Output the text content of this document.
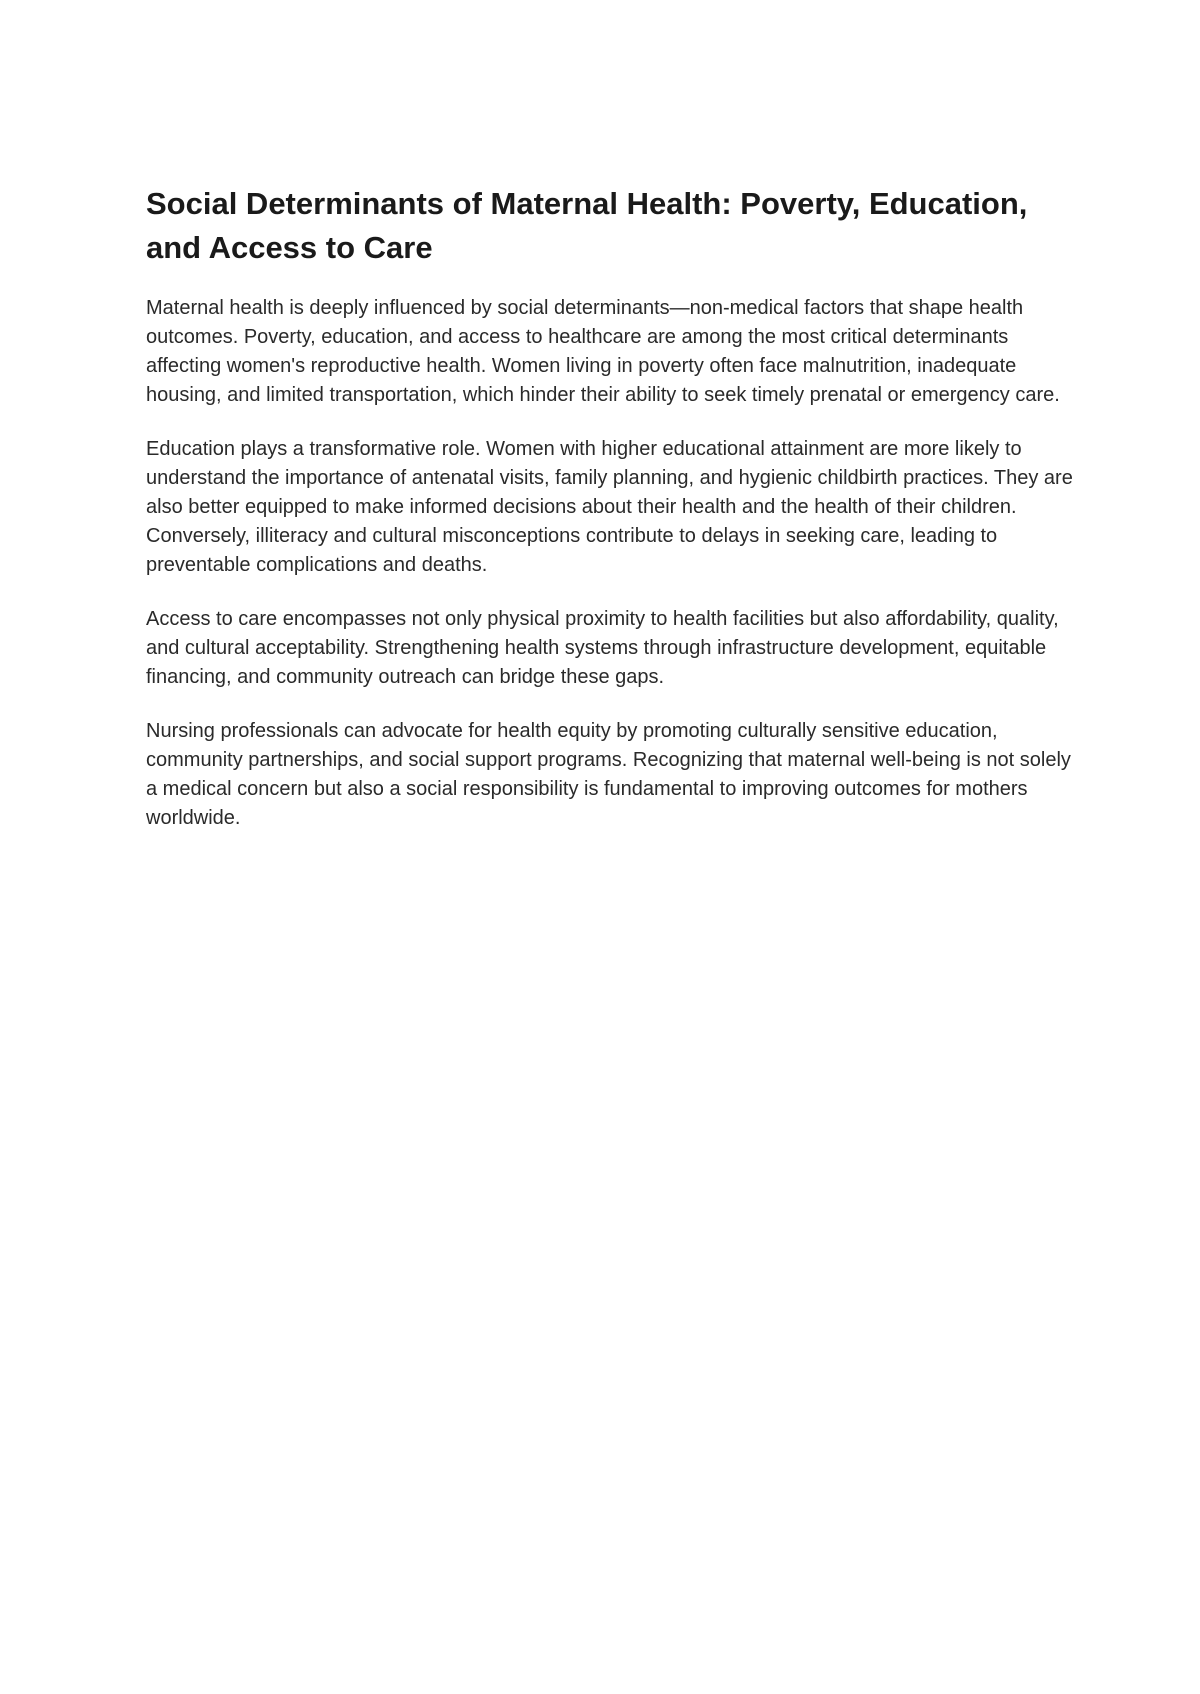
Social Determinants of Maternal Health: Poverty, Education, and Access to Care

Maternal health is deeply influenced by social determinants—non-medical factors that shape health outcomes. Poverty, education, and access to healthcare are among the most critical determinants affecting women's reproductive health. Women living in poverty often face malnutrition, inadequate housing, and limited transportation, which hinder their ability to seek timely prenatal or emergency care.

Education plays a transformative role. Women with higher educational attainment are more likely to understand the importance of antenatal visits, family planning, and hygienic childbirth practices. They are also better equipped to make informed decisions about their health and the health of their children. Conversely, illiteracy and cultural misconceptions contribute to delays in seeking care, leading to preventable complications and deaths.

Access to care encompasses not only physical proximity to health facilities but also affordability, quality, and cultural acceptability. Strengthening health systems through infrastructure development, equitable financing, and community outreach can bridge these gaps.

Nursing professionals can advocate for health equity by promoting culturally sensitive education, community partnerships, and social support programs. Recognizing that maternal well-being is not solely a medical concern but also a social responsibility is fundamental to improving outcomes for mothers worldwide.
